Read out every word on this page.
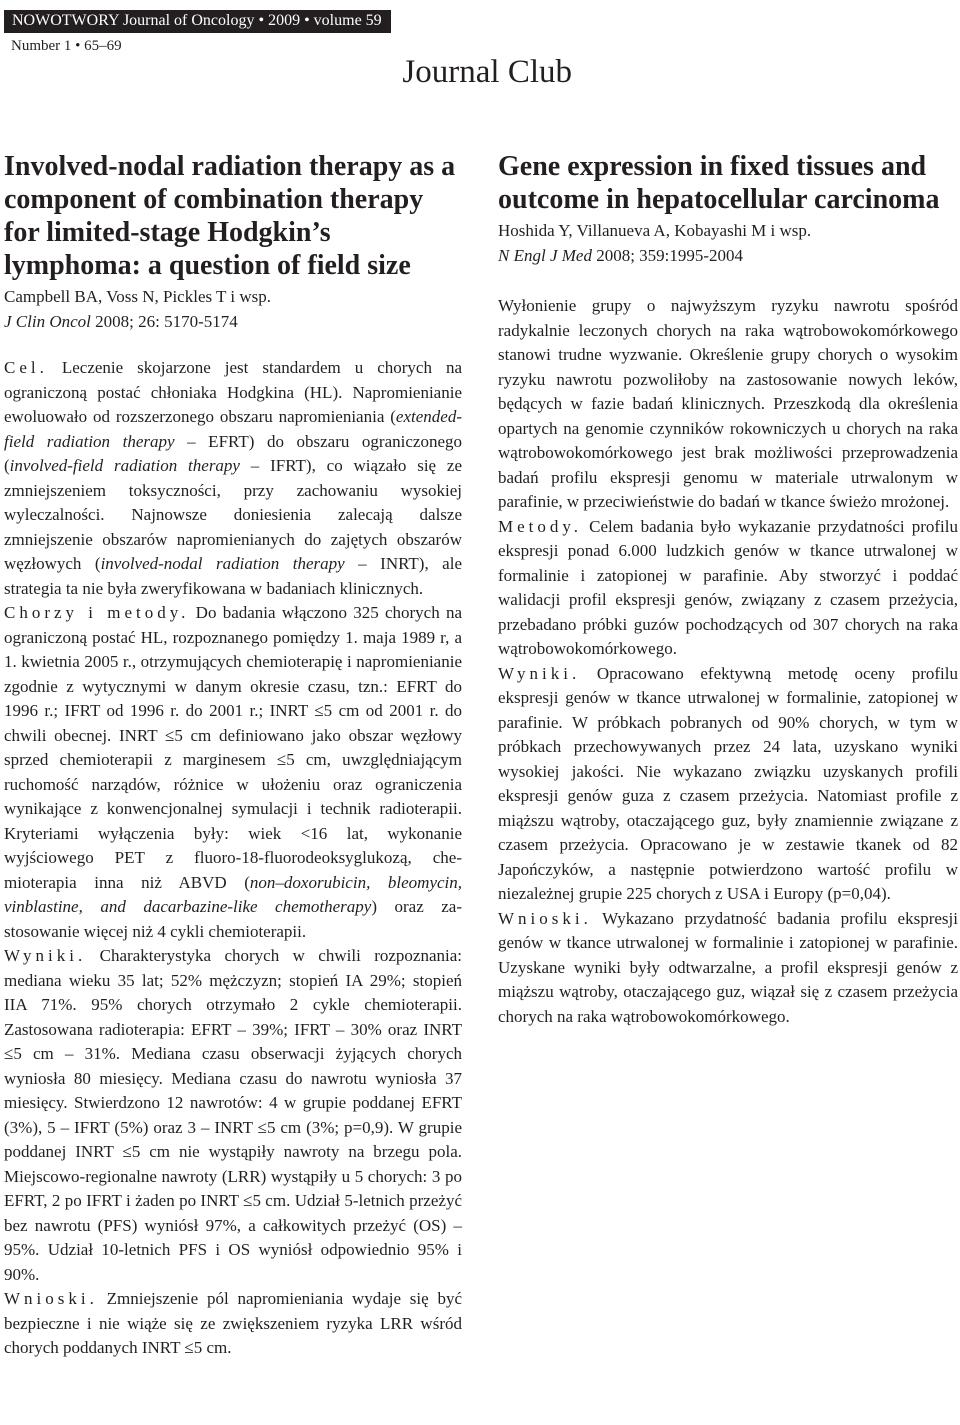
NOWOTWORY Journal of Oncology • 2009 • volume 59
Number 1 • 65–69
Journal Club
Involved-nodal radiation therapy as a component of combination therapy for limited-stage Hodgkin’s lymphoma: a question of field size
Campbell BA, Voss N, Pickles T i wsp.
J Clin Oncol 2008; 26: 5170-5174

Cel. Leczenie skojarzone jest standardem u chorych na ograniczoną postać chłoniaka Hodgkina (HL). Napromienianie ewoluowało od rozszerzonego obszaru napromieniania (extended-field radiation therapy – EFRT) do obszaru ograniczonego (involved-field radiation therapy – IFRT), co wiązało się ze zmniejszeniem toksyczności, przy zachowaniu wysokiej wyleczalności. Najnowsze doniesienia zalecają dalsze zmniejszenie obszarów napromienianych do zajętych obszarów węzłowych (involved-nodal radiation therapy – INRT), ale strategia ta nie była zweryfikowana w badaniach klinicznych.

Chorzy i metody. Do badania włączono 325 chorych na ograniczoną postać HL, rozpoznanego pomiędzy 1. maja 1989 r, a 1. kwietnia 2005 r., otrzymujących chemioterapię i napromienianie zgodnie z wytycznymi w danym okresie czasu, tzn.: EFRT do 1996 r.; IFRT od 1996 r. do 2001 r.; INRT ≤5 cm od 2001 r. do chwili obecnej. INRT ≤5 cm definiowano jako obszar węzłowy sprzed chemioterapii z marginesem ≤5 cm, uwzględniającym ruchomość narządów, różnice w ułożeniu oraz ograniczenia wynikające z konwencjonalnej symulacji i technik radioterapii. Kryteriami wyłączenia były: wiek <16 lat, wykonanie wyjściowego PET z fluoro-18-fluorodeoksyglukozą, chemioterapia inna niż ABVD (non–doxorubicin, bleomycin, vinblastine, and dacarbazine-like chemotherapy) oraz zastosowanie więcej niż 4 cykli chemioterapii.

Wyniki. Charakterystyka chorych w chwili rozpoznania: mediana wieku 35 lat; 52% mężczyzn; stopień IA 29%; stopień IIA 71%. 95% chorych otrzymało 2 cykle chemioterapii. Zastosowana radioterapia: EFRT – 39%; IFRT – 30% oraz INRT ≤5 cm – 31%. Mediana czasu obserwacji żyjących chorych wyniosła 80 miesięcy. Mediana czasu do nawrotu wyniosła 37 miesięcy. Stwierdzono 12 nawrotów: 4 w grupie poddanej EFRT (3%), 5 – IFRT (5%) oraz 3 – INRT ≤5 cm (3%; p=0,9). W grupie poddanej INRT ≤5 cm nie wystąpiły nawroty na brzegu pola. Miejscowo-regionalne nawroty (LRR) wystąpiły u 5 chorych: 3 po EFRT, 2 po IFRT i żaden po INRT ≤5 cm. Udział 5-letnich przeżyć bez nawrotu (PFS) wyniósł 97%, a całkowitych przeżyć (OS) – 95%. Udział 10-letnich PFS i OS wyniósł odpowiednio 95% i 90%.

Wnioski. Zmniejszenie pól napromieniania wydaje się być bezpieczne i nie wiąże się ze zwiększeniem ryzyka LRR wśród chorych poddanych INRT ≤5 cm.

Gene expression in fixed tissues and outcome in hepatocellular carcinoma
Hoshida Y, Villanueva A, Kobayashi M i wsp.
N Engl J Med 2008; 359:1995-2004

Wyłonienie grupy o najwyższym ryzyku nawrotu spośród radykalnie leczonych chorych na raka wątrobowokomórkowego stanowi trudne wyzwanie. Określenie grupy chorych o wysokim ryzyku nawrotu pozwoliłoby na zastosowanie nowych leków, będących w fazie badań klinicznych. Przeszkodą dla określenia opartych na genomie czynników rokowniczych u chorych na raka wątrobowokomórkowego jest brak możliwości przeprowadzenia badań profilu ekspresji genomu w materiale utrwalonym w parafinie, w przeciwieństwie do badań w tkance świeżo mrożonej.

Metody. Celem badania było wykazanie przydatności profilu ekspresji ponad 6.000 ludzkich genów w tkance utrwalonej w formalinie i zatopionej w parafinie. Aby stworzyć i poddać walidacji profil ekspresji genów, związany z czasem przeżycia, przebadano próbki guzów pochodzących od 307 chorych na raka wątrobowokomórkowego.

Wyniki. Opracowano efektywną metodę oceny profilu ekspresji genów w tkance utrwalonej w formalinie, zatopionej w parafinie. W próbkach pobranych od 90% chorych, w tym w próbkach przechowywanych przez 24 lata, uzyskano wyniki wysokiej jakości. Nie wykazano związku uzyskanych profili ekspresji genów guza z czasem przeżycia. Natomiast profile z miąższu wątroby, otaczającego guz, były znamiennie związane z czasem przeżycia. Opracowano je w zestawie tkanek od 82 Japończyków, a następnie potwierdzono wartość profilu w niezależnej grupie 225 chorych z USA i Europy (p=0,04).

Wnioski. Wykazano przydatność badania profilu ekspresji genów w tkance utrwalonej w formalinie i zatopionej w parafinie. Uzyskane wyniki były odtwarzalne, a profil ekspresji genów z miąższu wątroby, otaczającego guz, wiązał się z czasem przeżycia chorych na raka wątrobowokomórkowego.
